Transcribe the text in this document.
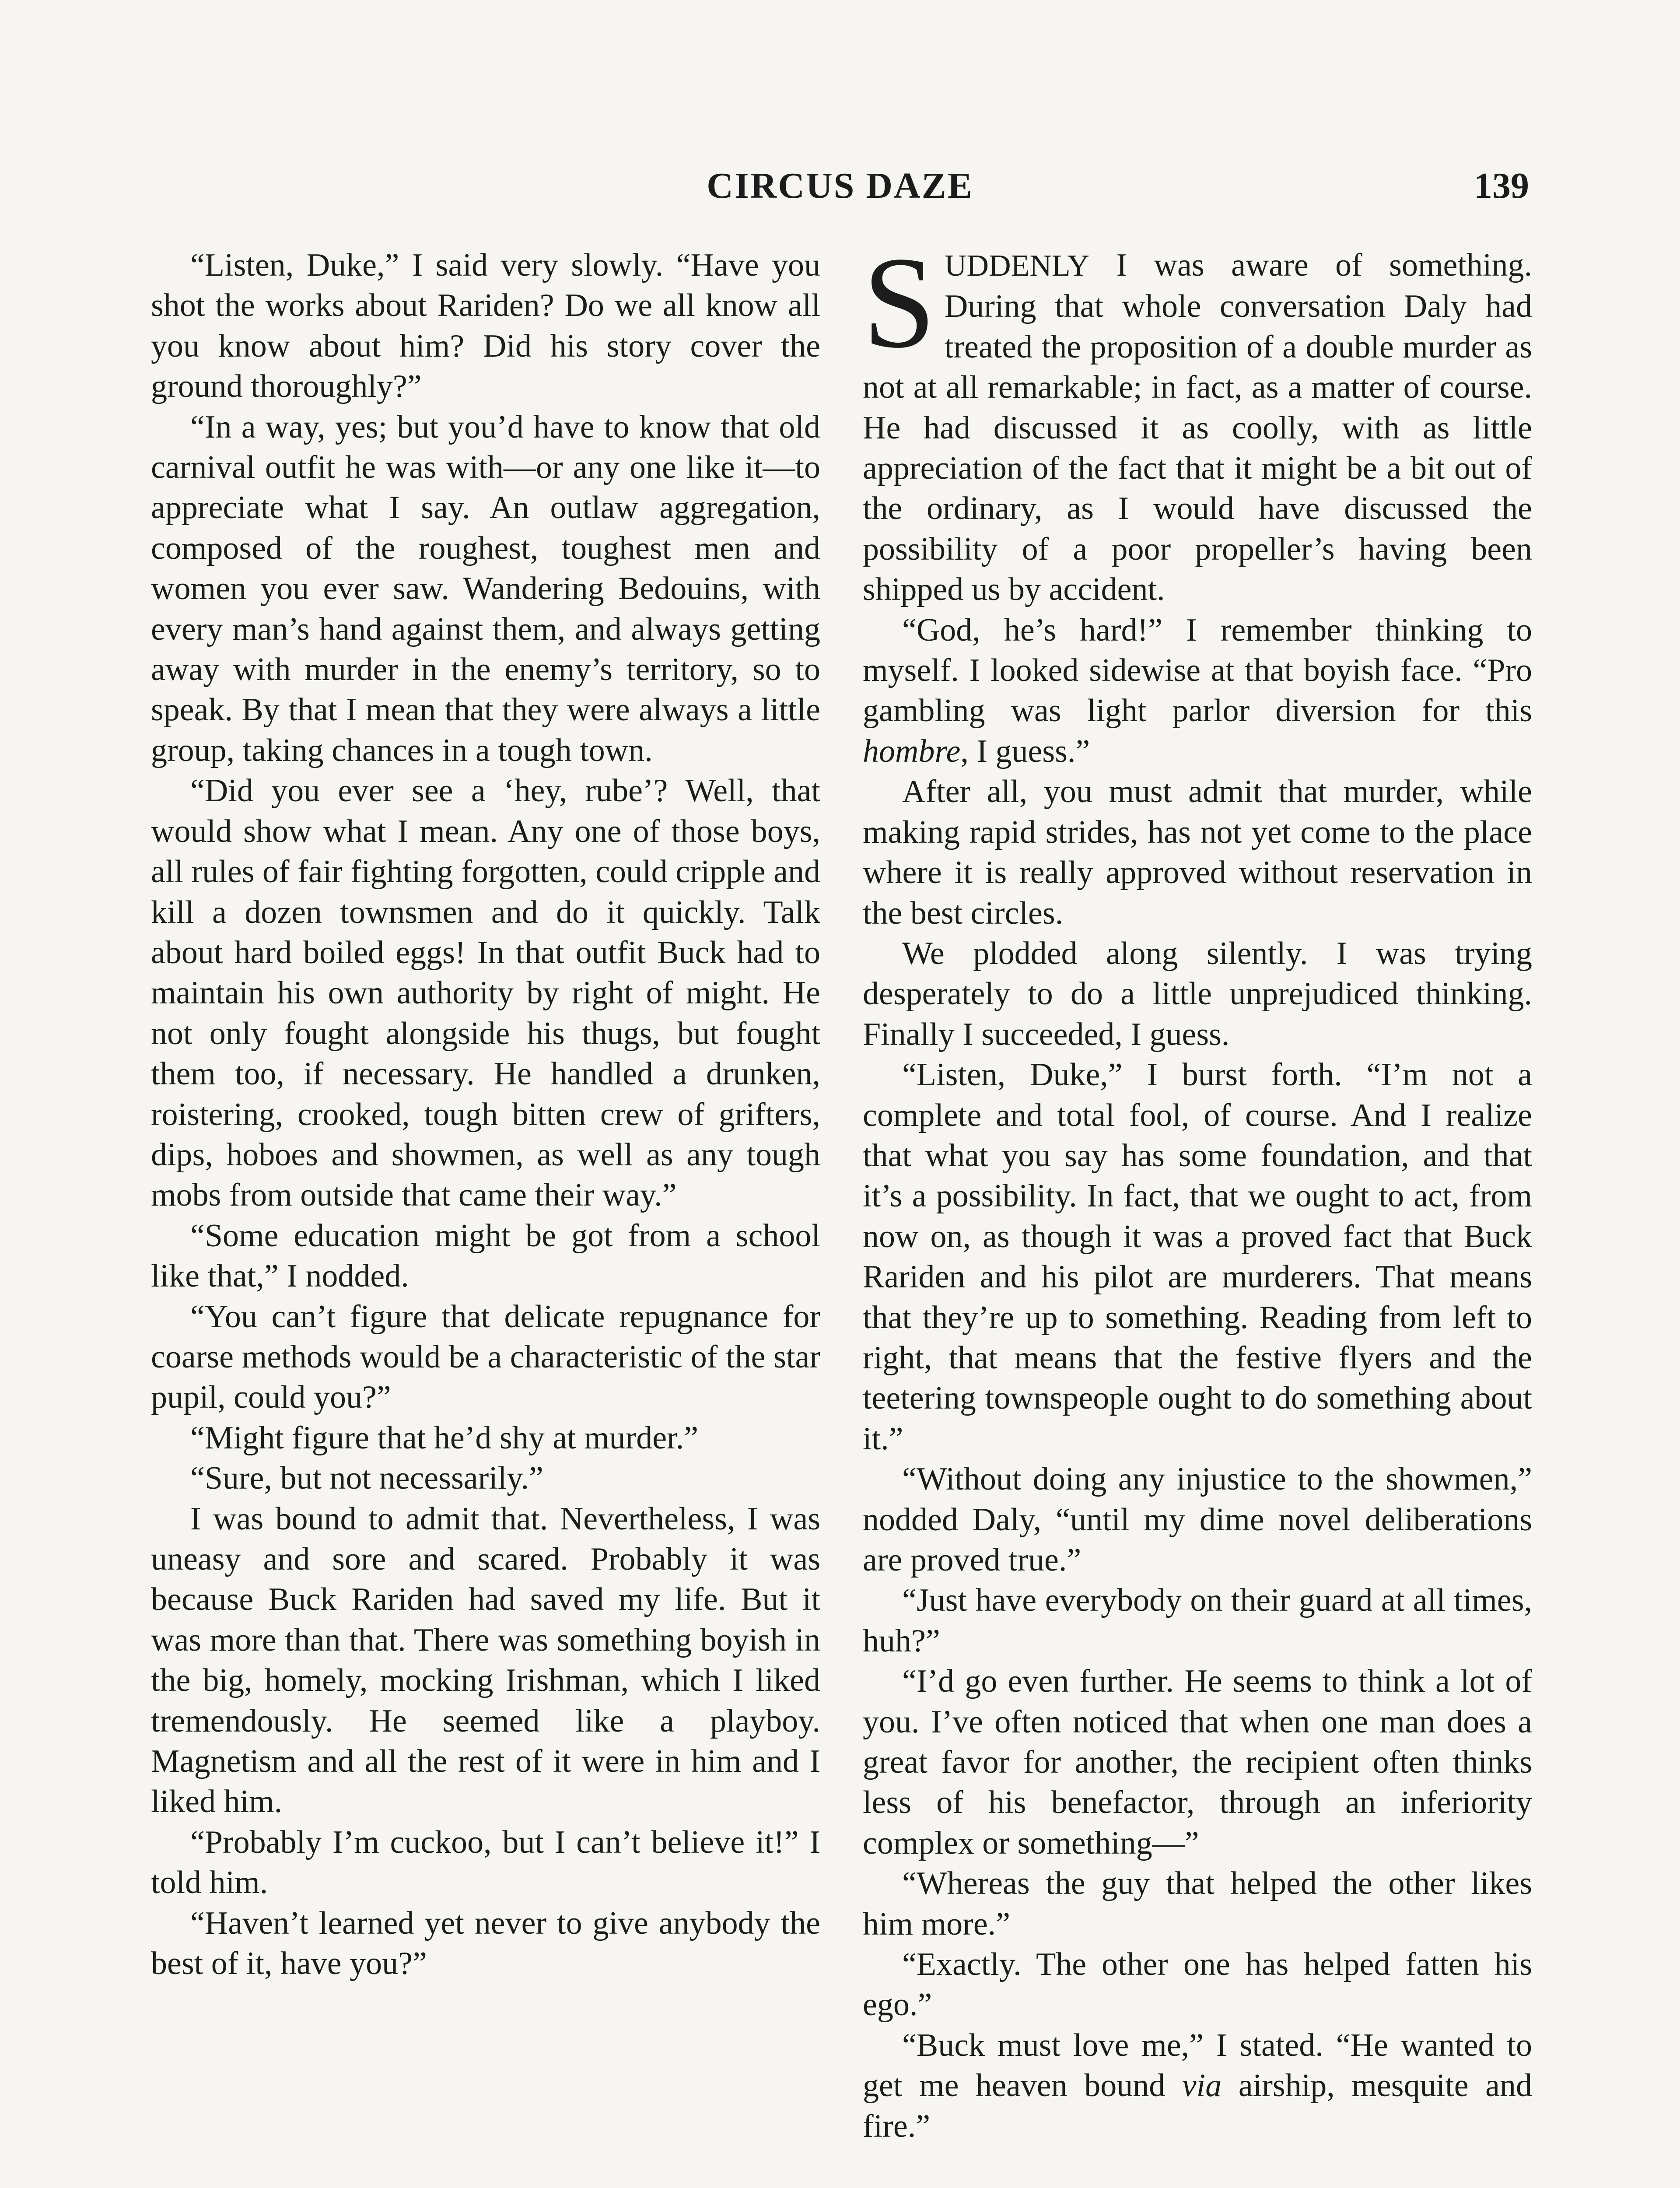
CIRCUS DAZE	139

“Listen, Duke,” I said very slowly. “Have you shot the works about Rariden? Do we all know all you know about him? Did his story cover the ground thoroughly?”

“In a way, yes; but you’d have to know that old carnival outfit he was with—or any one like it—to appreciate what I say. An outlaw aggregation, composed of the roughest, toughest men and women you ever saw. Wandering Bedouins, with every man’s hand against them, and always getting away with murder in the enemy’s territory, so to speak. By that I mean that they were always a little group, taking chances in a tough town.

“Did you ever see a ‘hey, rube’? Well, that would show what I mean. Any one of those boys, all rules of fair fighting forgotten, could cripple and kill a dozen townsmen and do it quickly. Talk about hard boiled eggs! In that outfit Buck had to maintain his own authority by right of might. He not only fought alongside his thugs, but fought them too, if necessary. He handled a drunken, roistering, crooked, tough bitten crew of grifters, dips, hoboes and showmen, as well as any tough mobs from outside that came their way.”

“Some education might be got from a school like that,” I nodded.

“You can’t figure that delicate repugnance for coarse methods would be a characteristic of the star pupil, could you?”

“Might figure that he’d shy at murder.”

“Sure, but not necessarily.”

I was bound to admit that. Nevertheless, I was uneasy and sore and scared. Probably it was because Buck Rariden had saved my life. But it was more than that. There was something boyish in the big, homely, mocking Irishman, which I liked tremendously. He seemed like a playboy. Magnetism and all the rest of it were in him and I liked him.

“Probably I’m cuckoo, but I can’t believe it!” I told him.

“Haven’t learned yet never to give anybody the best of it, have you?”

SUDDENLY I was aware of something. During that whole conversation Daly had treated the proposition of a double murder as not at all remarkable; in fact, as a matter of course. He had discussed it as coolly, with as little appreciation of the fact that it might be a bit out of the ordinary, as I would have discussed the possibility of a poor propeller’s having been shipped us by accident.

“God, he’s hard!” I remember thinking to myself. I looked sidewise at that boyish face. “Pro gambling was light parlor diversion for this hombre, I guess.”

After all, you must admit that murder, while making rapid strides, has not yet come to the place where it is really approved without reservation in the best circles.

We plodded along silently. I was trying desperately to do a little unprejudiced thinking. Finally I succeeded, I guess.

“Listen, Duke,” I burst forth. “I’m not a complete and total fool, of course. And I realize that what you say has some foundation, and that it’s a possibility. In fact, that we ought to act, from now on, as though it was a proved fact that Buck Rariden and his pilot are murderers. That means that they’re up to something. Reading from left to right, that means that the festive flyers and the teetering townspeople ought to do something about it.”

“Without doing any injustice to the showmen,” nodded Daly, “until my dime novel deliberations are proved true.”

“Just have everybody on their guard at all times, huh?”

“I’d go even further. He seems to think a lot of you. I’ve often noticed that when one man does a great favor for another, the recipient often thinks less of his benefactor, through an inferiority complex or something—”

“Whereas the guy that helped the other likes him more.”

“Exactly. The other one has helped fatten his ego.”

“Buck must love me,” I stated. “He wanted to get me heaven bound via airship, mesquite and fire.”
